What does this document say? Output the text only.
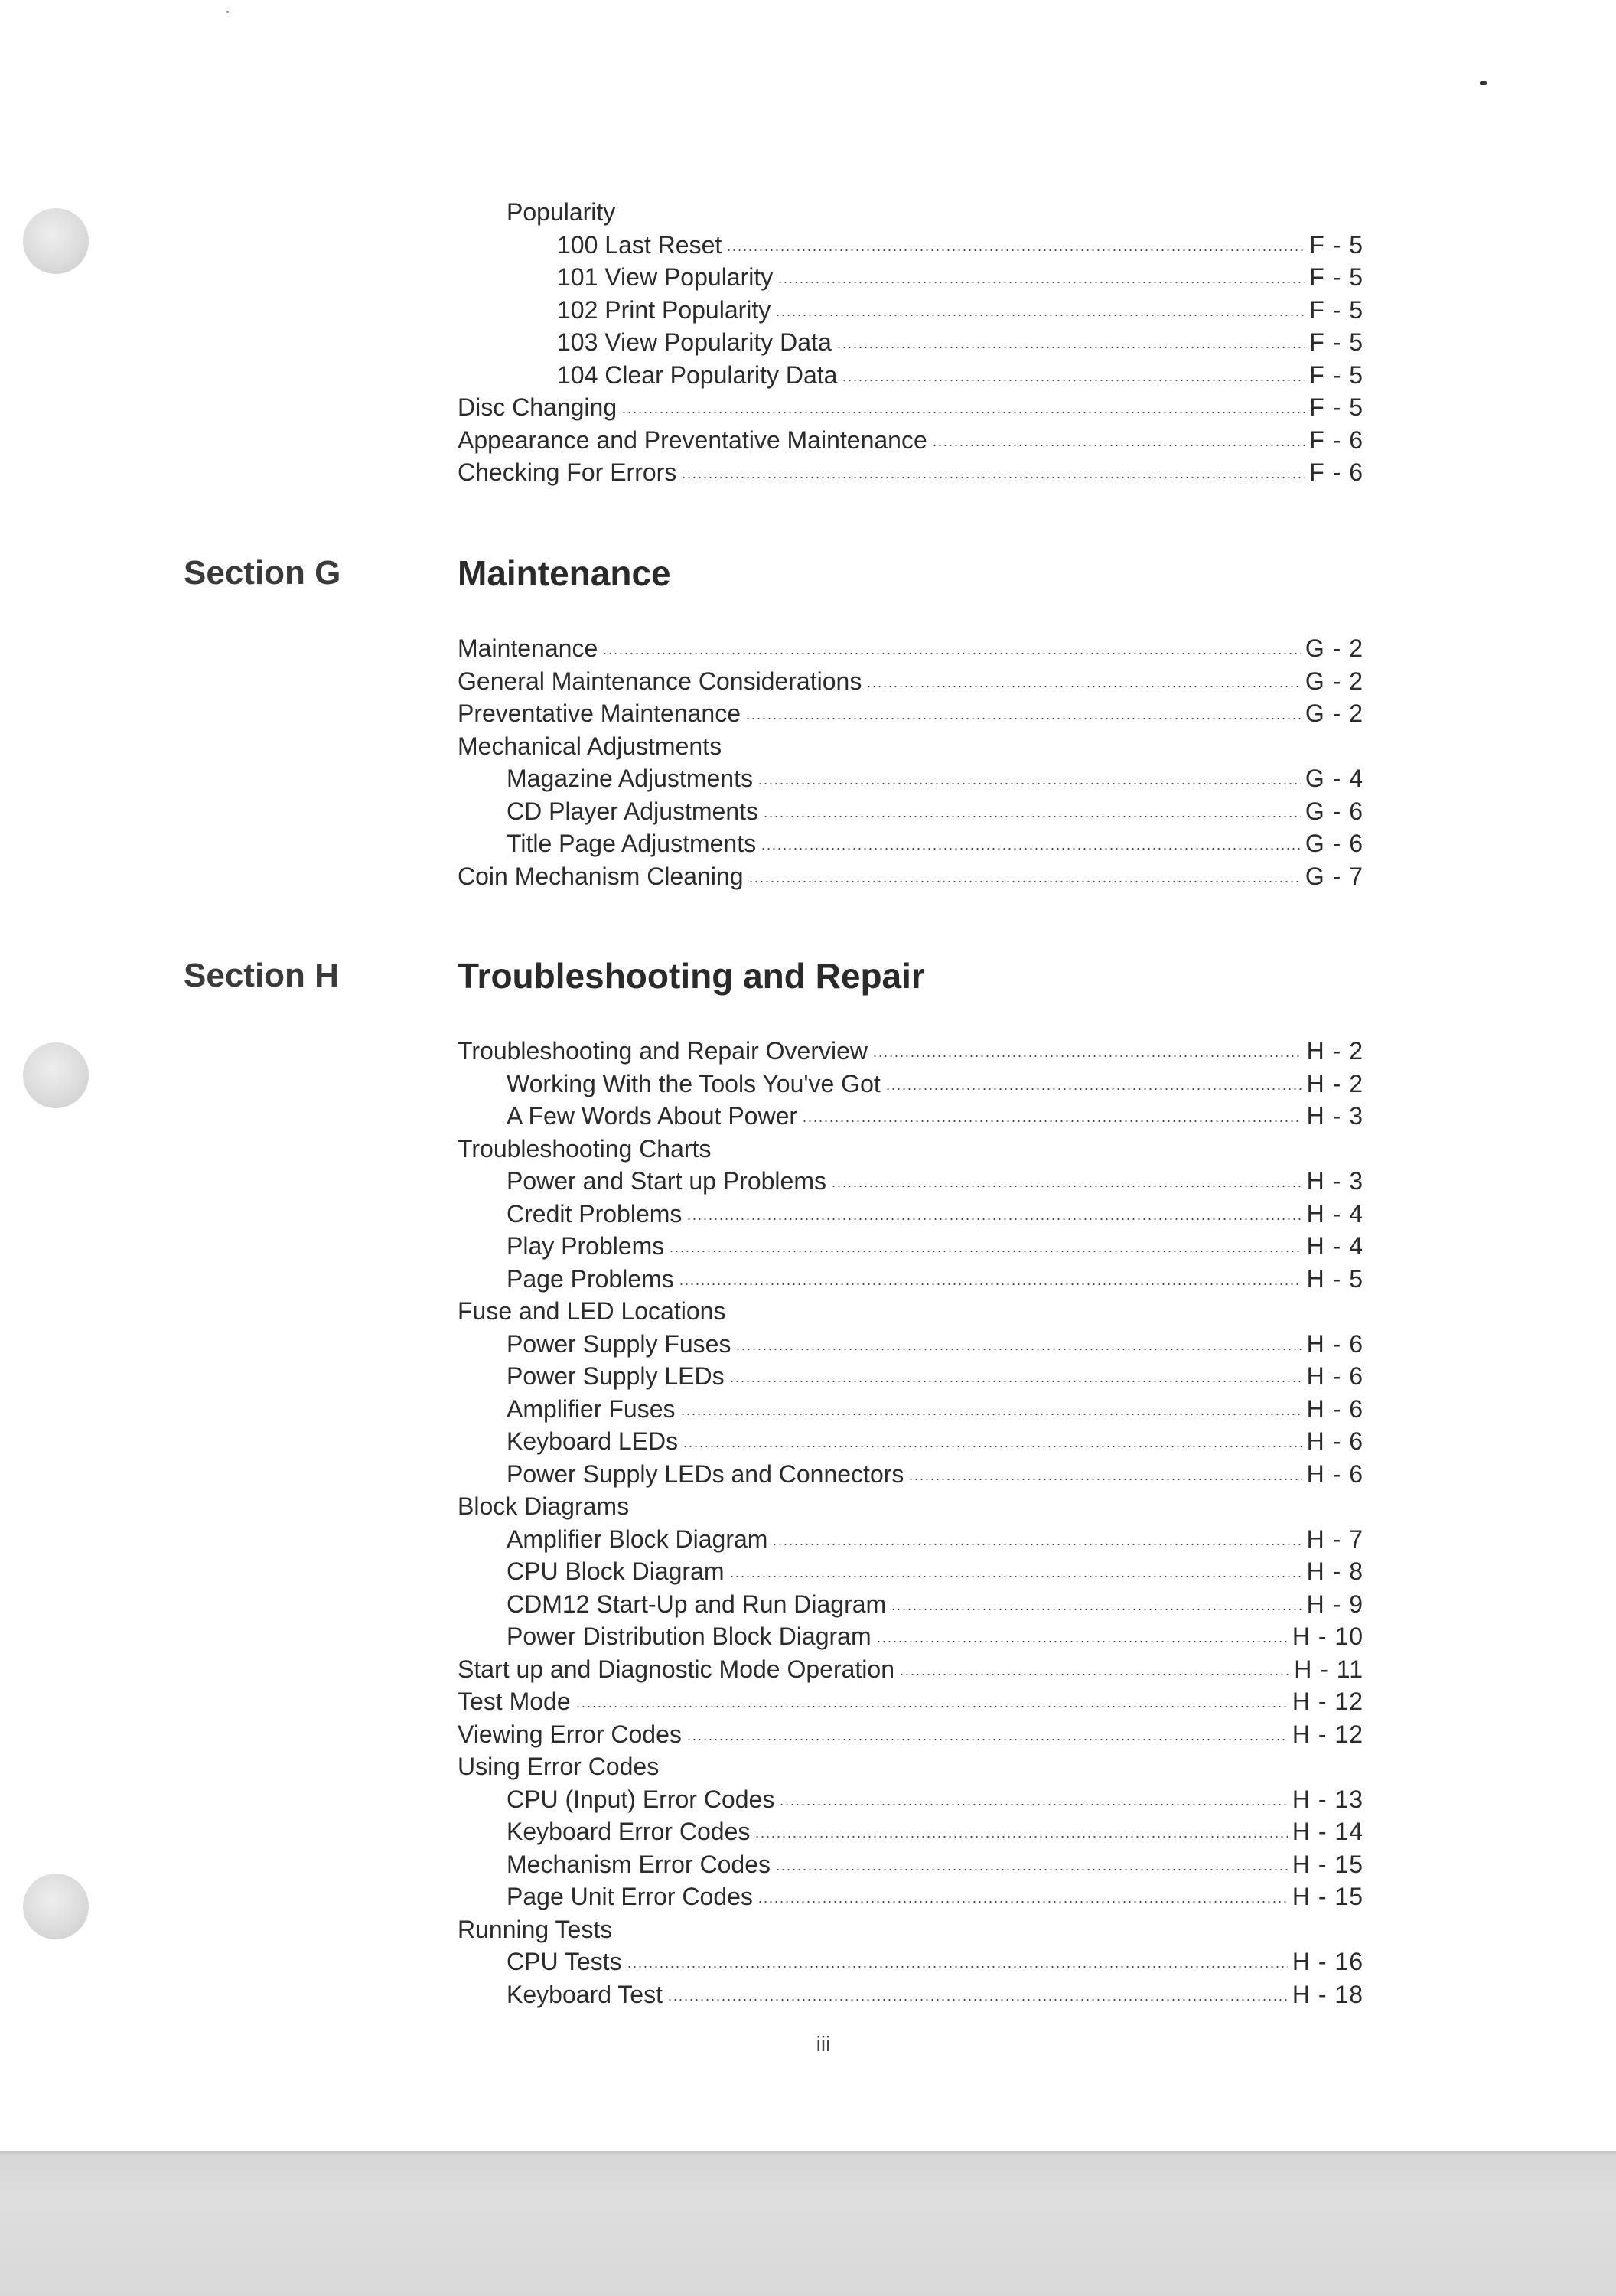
Popularity
100 Last Reset	F - 5
101 View Popularity	F - 5
102 Print Popularity	F - 5
103 View Popularity Data	F - 5
104 Clear Popularity Data	F - 5
Disc Changing	F - 5
Appearance and Preventative Maintenance	F - 6
Checking For Errors	F - 6
Section G	Maintenance
Maintenance	G - 2
General Maintenance Considerations	G - 2
Preventative Maintenance	G - 2
Mechanical Adjustments
Magazine Adjustments	G - 4
CD Player Adjustments	G - 6
Title Page Adjustments	G - 6
Coin Mechanism Cleaning	G - 7
Section H	Troubleshooting and Repair
Troubleshooting and Repair Overview	H - 2
Working With the Tools You've Got	H - 2
A Few Words About Power	H - 3
Troubleshooting Charts
Power and Start up Problems	H - 3
Credit Problems	H - 4
Play Problems	H - 4
Page Problems	H - 5
Fuse and LED Locations
Power Supply Fuses	H - 6
Power Supply LEDs	H - 6
Amplifier Fuses	H - 6
Keyboard LEDs	H - 6
Power Supply LEDs and Connectors	H - 6
Block Diagrams
Amplifier Block Diagram	H - 7
CPU Block Diagram	H - 8
CDM12 Start-Up and Run Diagram	H - 9
Power Distribution Block Diagram	H - 10
Start up and Diagnostic Mode Operation	H - 11
Test Mode	H - 12
Viewing Error Codes	H - 12
Using Error Codes
CPU (Input) Error Codes	H - 13
Keyboard Error Codes	H - 14
Mechanism Error Codes	H - 15
Page Unit Error Codes	H - 15
Running Tests
CPU Tests	H - 16
Keyboard Test	H - 18
iii
